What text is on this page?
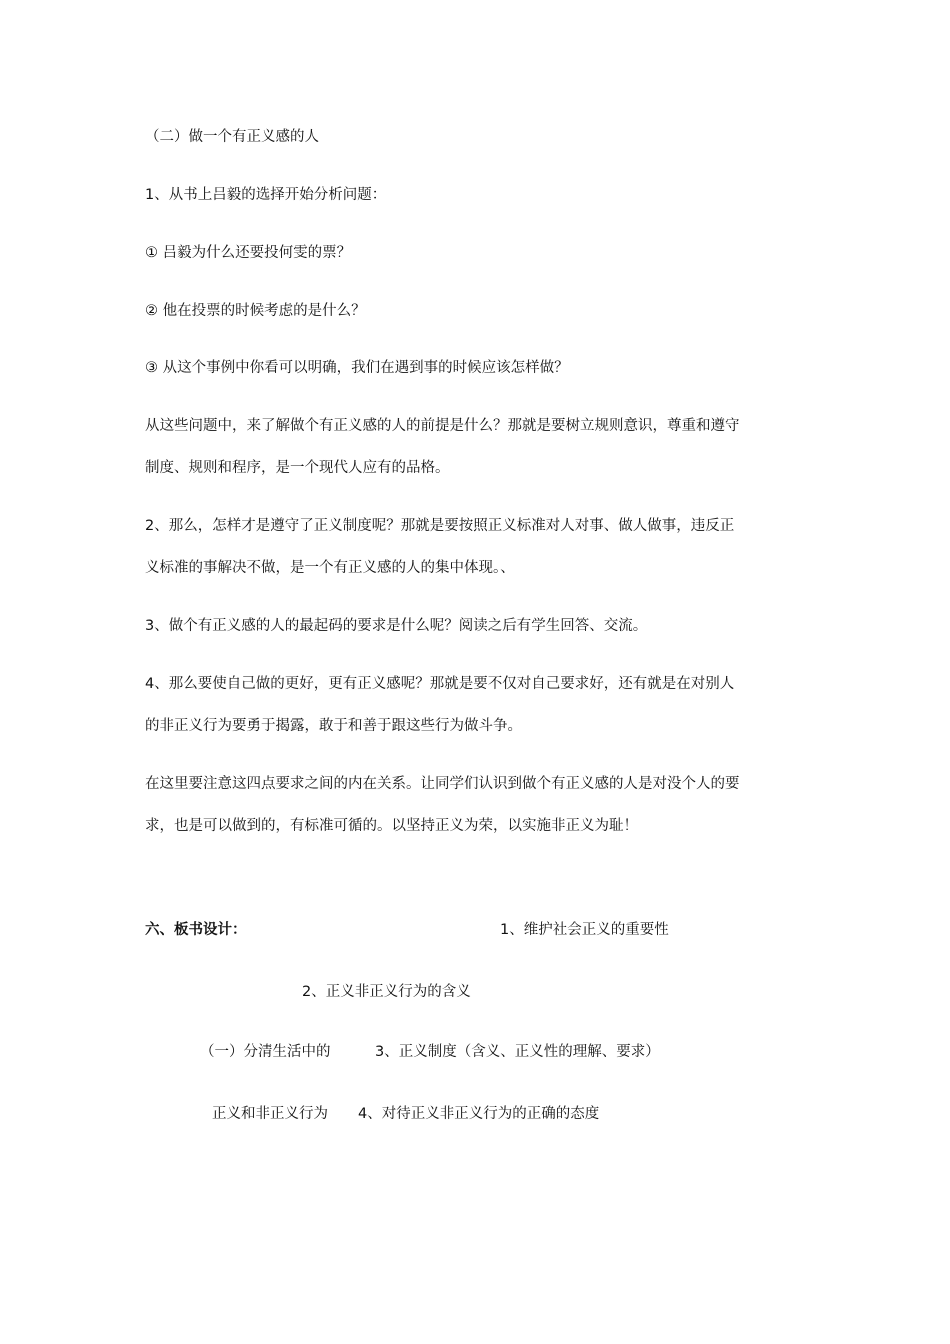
（二）做一个有正义感的人
1、从书上吕毅的选择开始分析问题：
① 吕毅为什么还要投何雯的票？
② 他在投票的时候考虑的是什么？
③ 从这个事例中你看可以明确，我们在遇到事的时候应该怎样做？
从这些问题中，来了解做个有正义感的人的前提是什么？那就是要树立规则意识，尊重和遵守
制度、规则和程序，是一个现代人应有的品格。
2、那么，怎样才是遵守了正义制度呢？那就是要按照正义标准对人对事、做人做事，违反正
义标准的事解决不做，是一个有正义感的人的集中体现。、
3、做个有正义感的人的最起码的要求是什么呢？阅读之后有学生回答、交流。
4、那么要使自己做的更好，更有正义感呢？那就是要不仅对自己要求好，还有就是在对别人
的非正义行为要勇于揭露，敢于和善于跟这些行为做斗争。
在这里要注意这四点要求之间的内在关系。让同学们认识到做个有正义感的人是对没个人的要
求，也是可以做到的，有标准可循的。以坚持正义为荣，以实施非正义为耻！
六、板书设计：	1、维护社会正义的重要性
2、正义非正义行为的含义
（一）分清生活中的	3、正义制度（含义、正义性的理解、要求）
正义和非正义行为 4、对待正义非正义行为的正确的态度
